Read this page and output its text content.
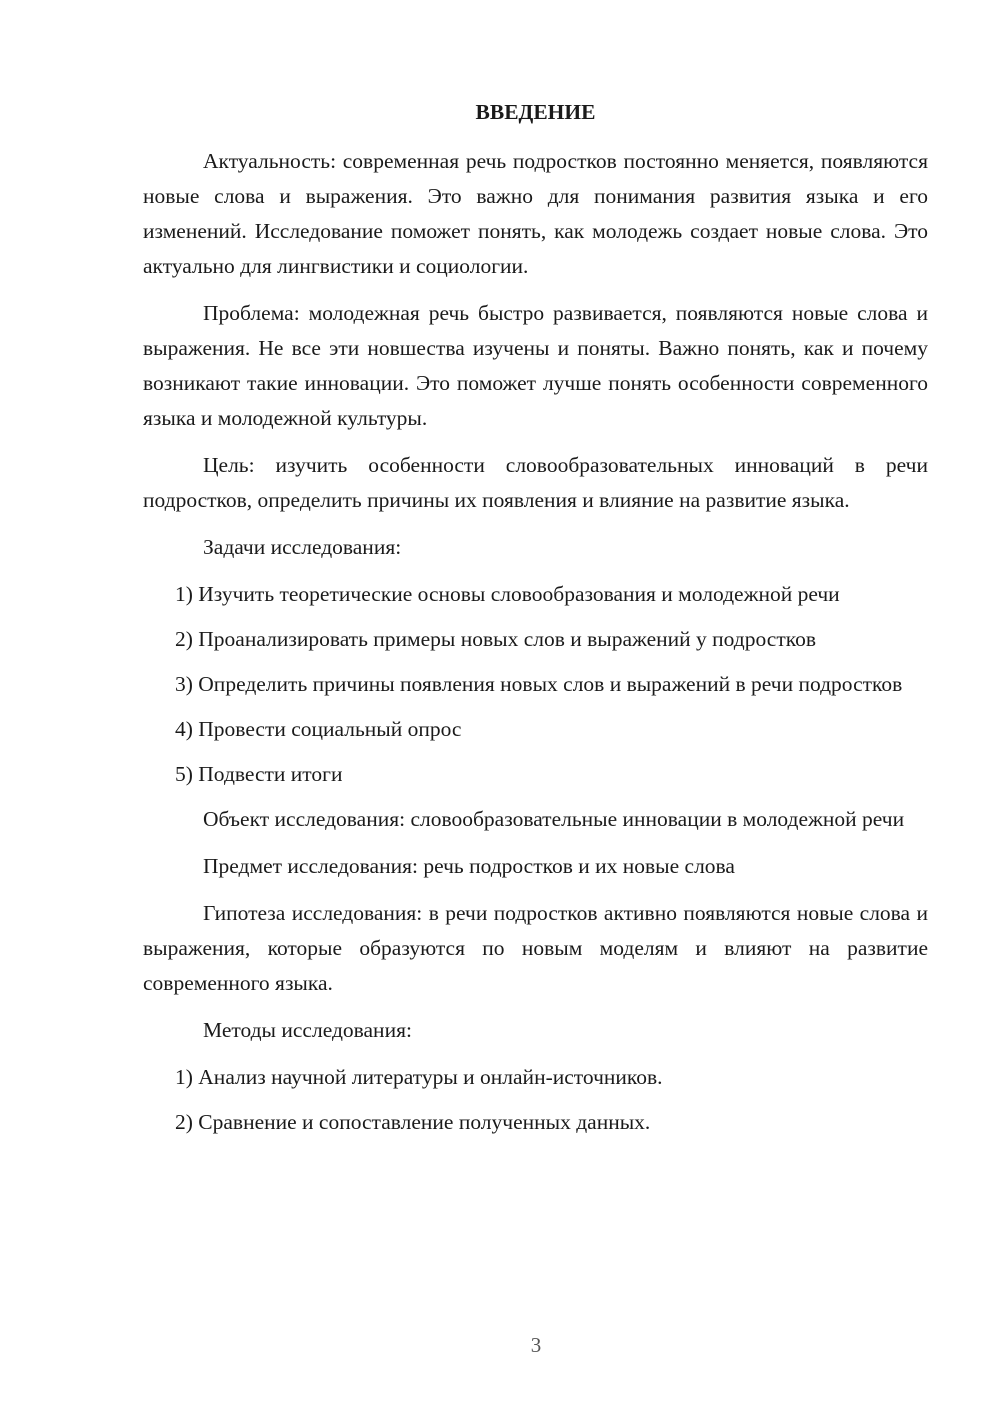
ВВЕДЕНИЕ

Актуальность: современная речь подростков постоянно меняется, появляются новые слова и выражения. Это важно для понимания развития языка и его изменений. Исследование поможет понять, как молодежь создает новые слова. Это актуально для лингвистики и социологии.

Проблема: молодежная речь быстро развивается, появляются новые слова и выражения. Не все эти новшества изучены и поняты. Важно понять, как и почему возникают такие инновации. Это поможет лучше понять особенности современного языка и молодежной культуры.

Цель: изучить особенности словообразовательных инноваций в речи подростков, определить причины их появления и влияние на развитие языка.

Задачи исследования:

1) Изучить теоретические основы словообразования и молодежной речи

2) Проанализировать примеры новых слов и выражений у подростков

3) Определить причины появления новых слов и выражений в речи подростков

4) Провести социальный опрос

5) Подвести итоги

Объект исследования: словообразовательные инновации в молодежной речи

Предмет исследования: речь подростков и их новые слова

Гипотеза исследования: в речи подростков активно появляются новые слова и выражения, которые образуются по новым моделям и влияют на развитие современного языка.

Методы исследования:

1) Анализ научной литературы и онлайн-источников.

2) Сравнение и сопоставление полученных данных.

3
